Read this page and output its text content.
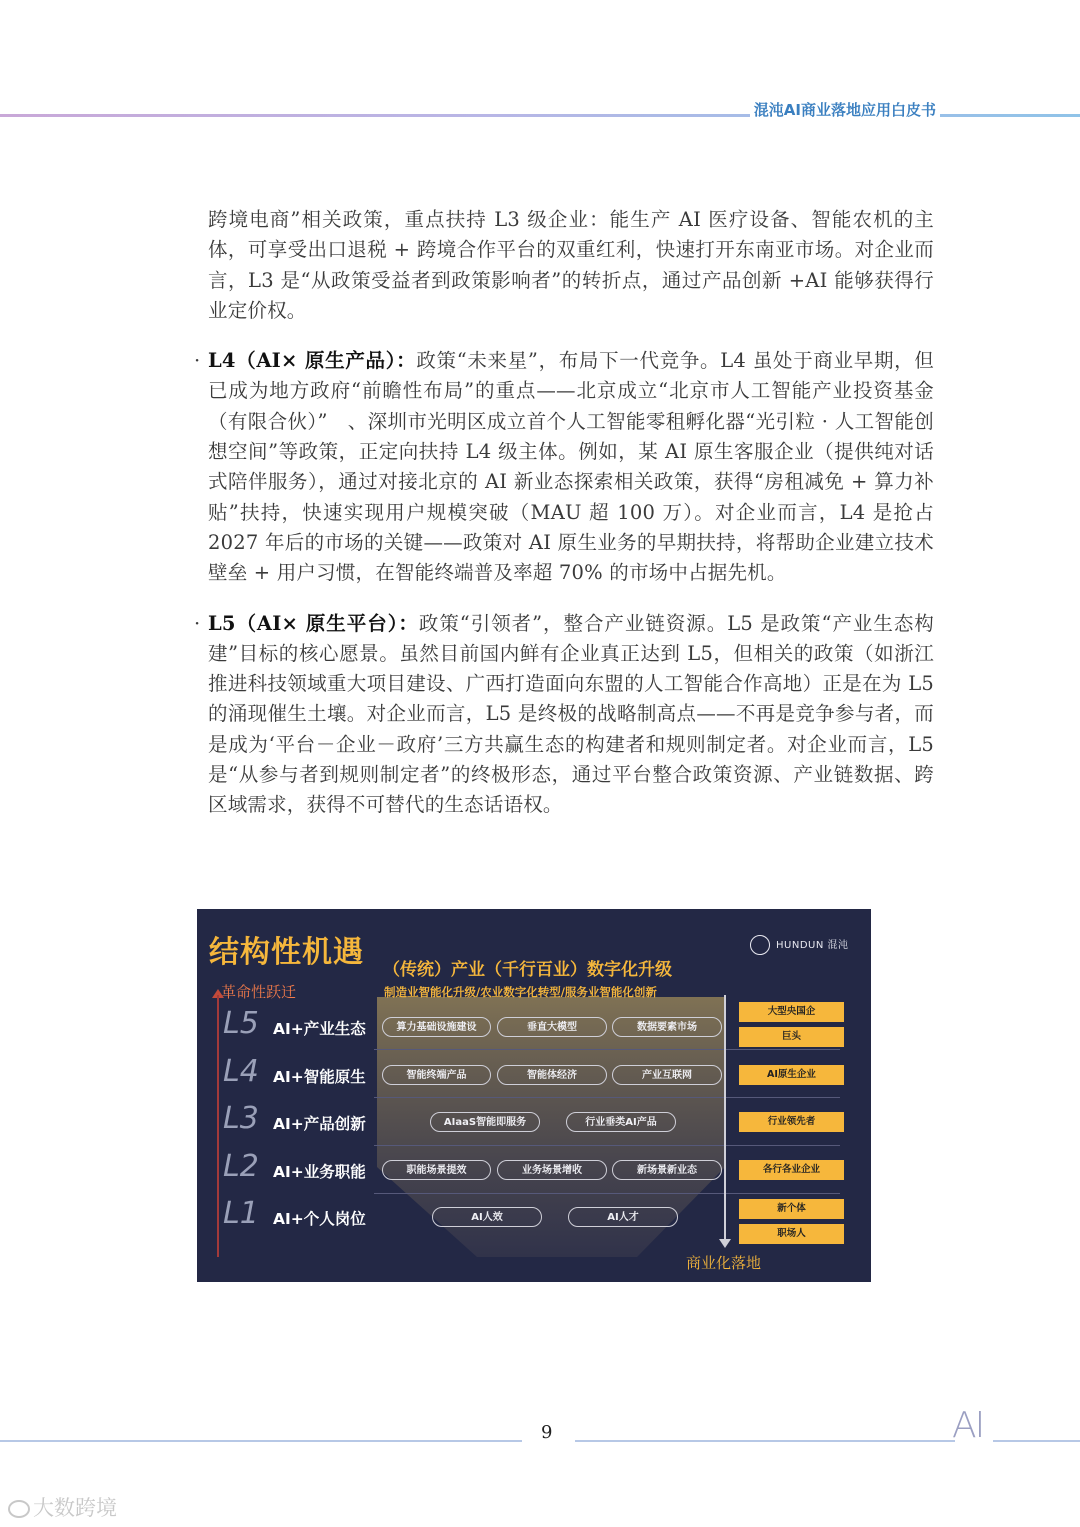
混沌AI商业落地应用白皮书

跨境电商”相关政策，重点扶持 L3 级企业：能生产 AI 医疗设备、智能农机的主体，可享受出口退税 + 跨境合作平台的双重红利，快速打开东南亚市场。对企业而言，L3 是“从政策受益者到政策影响者”的转折点，通过产品创新 +AI 能够获得行业定价权。

· L4（AI× 原生产品）：政策“未来星”，布局下一代竞争。L4 虽处于商业早期，但已成为地方政府“前瞻性布局”的重点——北京成立“北京市人工智能产业投资基金（有限合伙）”　、深圳市光明区成立首个人工智能零租孵化器“光引粒 · 人工智能创想空间”等政策，正定向扶持 L4 级主体。例如，某 AI 原生客服企业（提供纯对话式陪伴服务），通过对接北京的 AI 新业态探索相关政策，获得“房租减免 + 算力补贴”扶持，快速实现用户规模突破（MAU 超 100 万）。对企业而言，L4 是抢占 2027 年后的市场的关键——政策对 AI 原生业务的早期扶持，将帮助企业建立技术壁垒 + 用户习惯，在智能终端普及率超 70% 的市场中占据先机。

· L5（AI× 原生平台）：政策“引领者”，整合产业链资源。L5 是政策“产业生态构建”目标的核心愿景。虽然目前国内鲜有企业真正达到 L5，但相关的政策（如浙江推进科技领域重大项目建设、广西打造面向东盟的人工智能合作高地）正是在为 L5 的涌现催生土壤。对企业而言，L5 是终极的战略制高点——不再是竞争参与者，而是成为‘平台－企业－政府’三方共赢生态的构建者和规则制定者。对企业而言，L5 是“从参与者到规则制定者”的终极形态，通过平台整合政策资源、产业链数据、跨区域需求，获得不可替代的生态话语权。

结构性机遇 （传统）产业（千行百业）数字化升级
制造业智能化升级/农业数字化转型/服务业智能化创新
HUNDUN 混沌
革命性跃迁
L5 AI+产业生态
L4 AI+智能原生
L3 AI+产品创新
L2 AI+业务职能
L1 AI+个人岗位
算力基础设施建设	垂直大模型	数据要素市场
智能终端产品	智能体经济	产业互联网
AIaaS智能即服务	行业垂类AI产品
职能场景提效	业务场景增收	新场景新业态
AI人效	AI人才
商业化落地
大型央国企
巨头
AI原生企业
行业领先者
各行各业企业
新个体
职场人
9	AI
大数跨境
